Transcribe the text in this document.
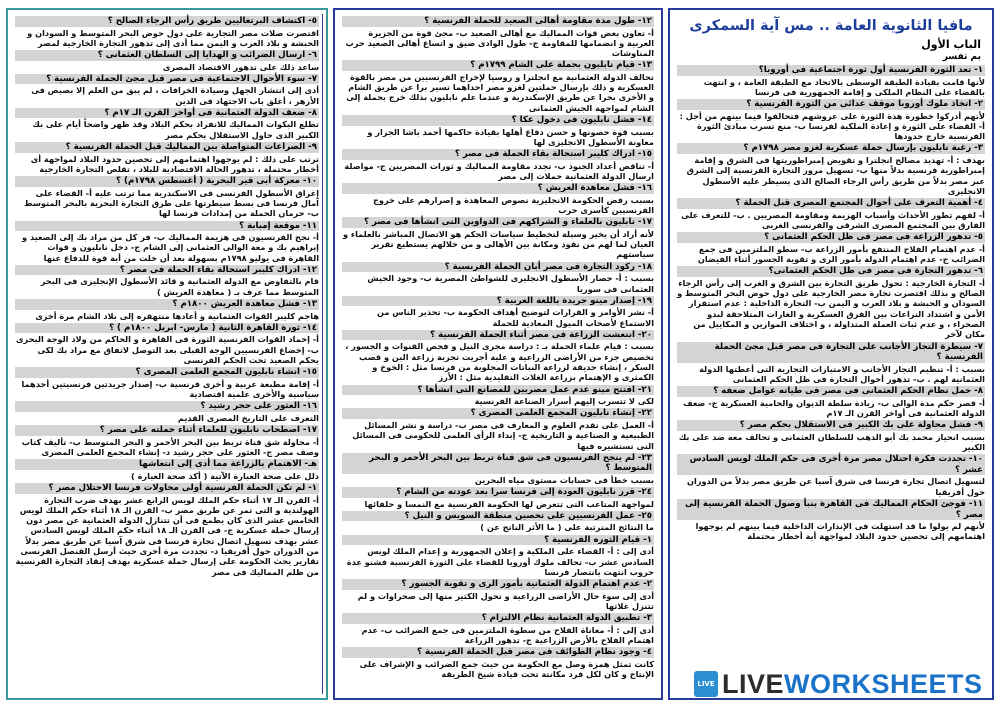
مافيا الثانوية العامة .. مس آية السمكرى
الباب الأول
بم تفسر
١- تعد الثورة الفرنسية أول ثورة اجتماعية فى أوروبا؟
لأنها قامت بقيادة الطبقة الوسطى بالاتحاد مع الطبقة العامة ، و انتهت بالقضاء على النظام الملكى و إقامة الجمهورية فى فرنسا
٢- اتخاذ ملوك أوروبا موقف عدائى من الثورة الفرنسية ؟
لأنهم أدركوا خطورة هذة الثورة على عروشهم فتحالفوا فيما بينهم من أجل : أ- القضاء على الثورة و إعادة الملكية لفرنسا ب- منع تسرب مبادئ الثورة الفرنسية خارج حدودها
٣- رغبة نابليون بإرسال حملة عسكرية لغزو مصر ١٧٩٨م ؟
بهدف : أ- تهديد مصالح انجلترا و تقويض إمبراطوريتها فى الشرق و إقامة إمبراطورية فرنسية بدلاً منها ب- تسهيل مرور التجارة الفرنسية إلى الشرق عبر مصر بدلاً من طريق رأس الرجاء الصالح الذى يسيطر عليه الأسطول الانجليزى
٤- أهمية التعرف على أحوال المجتمع المصرى قبل الحملة ؟
أ- لفهم تطور الأحداث وأسباب الهزيمة ومقاومة المصريين . ب- للتعرف على الفارق بين المجتمع المصرى الشرقى والفرنسى الغربى
٥- تدهور الزراعة فى مصر فى ظل الحكم العثمانى ؟
أ- عدم اهتمام الفلاح المنتفع بأمور الزراعة ب- سطو الملتزمين فى جمع الضرائب ج- عدم اهتمام الدولة بأمور الرى و تقوية الجسور أثناء الفيضان
٦- تدهور التجارة فى مصر فى ظل الحكم العثمانى؟
أ- التجارة الخارجية : تحول طريق التجارة بين الشرق و الغرب إلى رأس الرجاء الصالح و بذلك اقتصرت تجارة مصر الخارجية على دول حوض البحر المتوسط و السودان و الحبشة و بلاد العرب و اليمن ب- التجارة الداخلية : عدم استقرار الأمن و اشتداد النزاعات بين الفرق العسكرية و الغارات المتلاحقة لبدو الصحراء ، و عدم ثبات العملة المتداولة ، و اختلاف الموازين و المكاييل من مكان لآخر
٧- سيطرة التجار الأجانب على التجارة فى مصر قبل مجئ الحملة الفرنسية ؟
بسبب : أ- تنظيم التجار الأجانب و الامتيازات التجارية التى أعطتها الدولة العثمانية لهم . ب- تدهور أحوال التجارة فى ظل الحكم العثمانى
٨- حمل نظام الحكم العثمانى فى مصر فى طياته عوامل ضعفه ؟
أ- قصر حكم مدة الوالى ب- زيادة سلطة الديوان والحامية العسكرية ج- ضعف الدولة العثمانية فى أواخر القرن الـ ١٧م
٩- فشل محاولة على بك الكبير فى الاستقلال بحكم مصر ؟
بسبب انحياز محمد بك أبو الدهب للسلطان العثمانى و تحالف معه ضد على بك الكبير
١٠- تجددت فكرة احتلال مصر مرة أخرى فى حكم الملك لويس السادس عشر ؟
لتسهيل اتصال تجارة فرنسا فى شرق آسيا عن طريق مصر بدلاً من الدوران حول أفريقيا
١١- فوجئ الحكام المماليك فى القاهرة بنبأ وصول الحملة الفرنسية إلى مصر ؟
لأنهم لم يولوا ما قد استهلت فى الإنذارات الداخلية فيما بينهم لم يوجهوا اهتمامهم إلى تحصين حدود البلاد لمواجهة أية أخطار محتملة
١٢- طول مدة مقاومة أهالى الصعيد للحملة الفرنسية ؟
أ- تعاون بعض قوات المماليك مع أهالى الصعيد ب- مجئ قوة من الجزيرة العربية و انضمامها للمقاومة ج- طول الوادى ضيق و اتساع أهالى الصعيد حرب المناوشات
١٣- قيام نابليون بحملة على الشام ١٧٩٩م ؟
تحالف الدولة العثمانية مع انجلترا و روسيا لإخراج الفرنسيين من مصر بالقوة العسكرية و ذلك بإرسال حملتين لغزو مصر احداهما تسير برا عن طريق الشام و الأخرى بحرا عن طريق الإسكندرية و عندما علم نابليون بذلك خرج بحملة إلى الشام لمواجهة الجيش العثمانى
١٤- فشل نابليون فى دخول عكا ؟
بسبب قوة حصونها و حسن دفاع أهلها بقيادة حاكمها أحمد باشا الجزار و معاونة الأسطول الانجليزى لها
١٥- ادراك كليبر استحالة بقاء الحملة فى مصر ؟
أ- تناقص أعداد الجنود ب- تجدد مقاومة المماليك و ثورات المصريين ج- مواصلة ارسال الدولة العثمانية حملات إلى مصر
١٦- فشل معاهدة العريش ؟
بسبب رفض الحكومة الانجليزية نصوص المعاهدة و إصرارهم على خروج الفرنسيين كأسرى حرب
١٧- نابليون بالعلماء و الشراكهم فى الدواوين التى انشأها فى مصر ؟
لأنه أراد أن يخير وسيلة لتخطيط سياسات الحكم هو الاتصال المباشر بالعلماء و العيان لما لهم من نفوذ ومكانة بين الأهالى و من خلالهم يستطيع تقرير سياستهم
١٨- ركود التجارة فى مصر أبان الحملة الفرنسية ؟
بسبب : أ- حصار الأسطول الانجليزى للشواطئ المصرية ب- وجود الجيش العثمانى فى سوريا
١٩- إصدار مينو جريدة باللغة العربية ؟
أ- نشر الأوامر و القرارات لتوضيح أهداف الحكومة ب- تحذير الناس من الاستماع لأصحاب الميول المعادية للحملة
٢٠- انتعشت الزراعة فى مصر أثناء الحملة الفرنسية ؟
بسبب : قيام علماء الحملة بـ : دراسة مجرى النيل و فحص القنوات و الجسور ، تخصيص جزء من الأراضى الزراعية و علية أجريت تجربة زراعة البن و قصب السكر ، إنشاء حديقة لزراعة النباتات المجلوبة من فرنسا مثل : الخوخ و الكمثرى و الإهتمام بزراعة الغلات التقليدية مثل : الأرز
٢١- افتتح مينو عدم عمل مصريين للمصانع التى انشأها ؟
لكى لا تتسرب إليهم أسرار الصناعة الفرنسية
٢٢- إنشاء نابليون المجمع العلمى المصرى ؟
أ- العمل على تقدم العلوم و المعارف فى مصر ب- دراسة و نشر المسائل الطبيعية و الصناعية و التاريخية ج- إبداء الرأى العلمى للحكومى فى المسائل التى تستشيره فيها
٢٣- لم ينجح الفرنسيون فى شق قناة تربط بين البحر الأحمر و البحر المتوسط ؟
بسبب خطأ فى حسابات مستوى مياه البحرين
٢٤- قرر نابليون العودة إلى فرنسا سرا بعد عودته من الشام ؟
لمواجهة المتاعب التى تتعرض لها الحكومة الفرنسية مع النمسا و حلفائها
٢٥- عمل الفرنسيين على تحصين منطقة السويس و النيل ؟
ما النتائج المترتبة على ( ما الأثر الناتج عن )
١- قيام الثوره الفرنسية ؟
أدى إلى : أ- القضاء على الملكية و إعلان الجمهورية و إعدام الملك لويس السادس عشر ب- تحالف ملوك أوروبا للقضاء على الثورة الفرنسية فشنو عدة حروب انتهت بانتصار فرنسا
٢- عدم اهتمام الدولة العثمانية بأمور الرى و تقوية الجسور ؟
أدى إلى سوء حال الأراضى الزراعية و تحول الكثير منها إلى صحراوات و لم تتنزل غلاتها
٣- تطبيق الدولة العثمانية نظام الالتزام ؟
أدى إلى : أ- معاناة الفلاح من سطوة الملتزمين فى جمع الضرائب ب- عدم اهتمام الفلاح بالأرض الزراعية ج- تدهور الزراعة
٤- وجود نظام الطوائف فى مصر قبل الحملة الفرنسية ؟
كانت تمثل همزة وصل مع الحكومة من حيث جمع الضرائب و الإشراف على الإنتاج و كان لكل فرد مكانتة تحت قيادة شيخ الطريقة
٥- اكتشاف البرتغاليين طريق رأس الرجاء الصالح ؟
اقتصرت صلات مصر التجارية على دول حوض البحر المتوسط و السودان و الحبشة و بلاد العرب و اليمن مما أدى إلى تدهور التجارة الخارجية لمصر
٦- ارسال الضرائب و الهدايا إلى السلطان العثمانى ؟
ساعد ذلك على تدهور الاقتصاد المصرى
٧- سوء الأحوال الاجتماعية فى مصر قبل مجئ الحملة الفرنسية ؟
أدى إلى انتشار الجهل وسيادة الخرافات ، لم يبق من العلم إلا بصيص فى الأزهر ، أغلق باب الاجتهاد فى الدين
٨- ضعف الدولة العثمانية فى أواخر القرن الـ ١٧م ؟
تطلع البكوات المماليك للانفراد بحكم البلاد وقد ظهر واضحاً أيام على بك الكبير الذى حاول الاستقلال بحكم مصر
٩- الصراعات المتواصلة بين المماليك قبل الحملة الفرنسية ؟
ترتب على ذلك : لم يوجهوا اهتمامهم إلى تحصين حدود البلاد لمواجهة أى أخطار محتملة ، تدهور الحالة الاقتصادية للبلاد ، تقلص التجارة الخارجية
١٠- معركة أبى قير البحرية ( أغسطس ١٧٩٨م) ؟
إغراق الأسطول الفرنسى فى الاسكندرية مما ترتب عليه أ- القضاء على آمال فرنسا فى بسط سيطرتها على طرق التجارة البحرية بالبحر المتوسط ب- حرمان الحملة من إمدادات فرنسا لها
١١- موقعة إمبابة ؟
أ- نجح الفرنسيون فى هزيمة المماليك ب- فر كل من مراد بك إلى الصعيد و إبراهيم بك و معة الوالى العثمانى إلى الشام ج- دخل نابليون و قوات القاهرة فى يوليو ١٧٩٨م بسهولة بعد أن خلت من أية قوة للدفاع عنها
١٢- ادراك كليبر استحالة بقاء الحملة فى مصر ؟
قام بالتفاوض مع الدولة العثمانية و قائد الأسطول الإنجليزى فى البحر المتوسط مما عرف بـ ( معاهدة العريش )
١٣- فشل معاهدة العريش ١٨٠٠م ؟
هاجم كليبر القوات العثمانية و أعادها منتهقره إلى بلاد الشام مرة أخرى
١٤- ثورة القاهرة الثانية ( مارس- ابريل ١٨٠٠م ) ؟
أ- إخماد القوات الفرنسية الثورة فى القاهرة و الحاكم من ولاد الوجة البحرى ب- إخضاع الفرنسيين الوجة القبلى بعد التوصل لاتفاق مع مراد بك لكى يحكم الصعيد تحت الحكم الفرنسى
١٥- انشاء نابليون المجمع العلمى المصرى ؟
أ- إقامة مطبعة عربية و أخرى فرنسية ب- إصدار جريدتين فرنسيتين أحدهما سياسية والأخرى علمية اقتصادية
١٦- العثور على حجر رشيد ؟
التعرف على التاريخ المصرى القديم
١٧- اصطحاب نابليون للعلماء أثناء حملته على مصر ؟
أ- محاولة شق قناة تربط بين البحر الأحمر و البحر المتوسط ب- تأليف كتاب وصف مصر ج- العثور على حجر رشيد د- إنشاء المجمع العلمى المصرى
هـ- الاهتمام بالزراعة مما أدى إلى انتعاشها
دلل على صحة العبارة الآتية ( أكد صحة العبارة )
١- لم تكن الحملة الفرنسية أولى محاولات فرنسا الاحتلال مصر ؟
أ- القرن الـ ١٧ أثناء حكم الملك لويس الرابع عشر بهدف ضرب التجارة الهولندية و التى تمر عن طريق مصر ب- القرن الـ ١٨ أثناء حكم الملك لويس الخامس عشر الذى كان يطمع فى أن تتنازل الدولة العثمانية عن مصر دون إرسال حملة عسكرية ج- فى القرن الـ ١٨ أثناء حكم الملك لويس السادس عشر بهدف تسهيل اتصال تجارة فرنسا فى شرق آسيا عن طريق مصر بدلاً من الدوران حول أفريقيا د- تجددت مرة أخرى حيث أرسل القنصل الفرنسى تقارير يحث الحكومة على إرسال حملة عسكرية بهدف إنقاذ التجارة الفرنسية من ظلم المماليك فى مصر
LIVE LIVEWORKSHEETS
